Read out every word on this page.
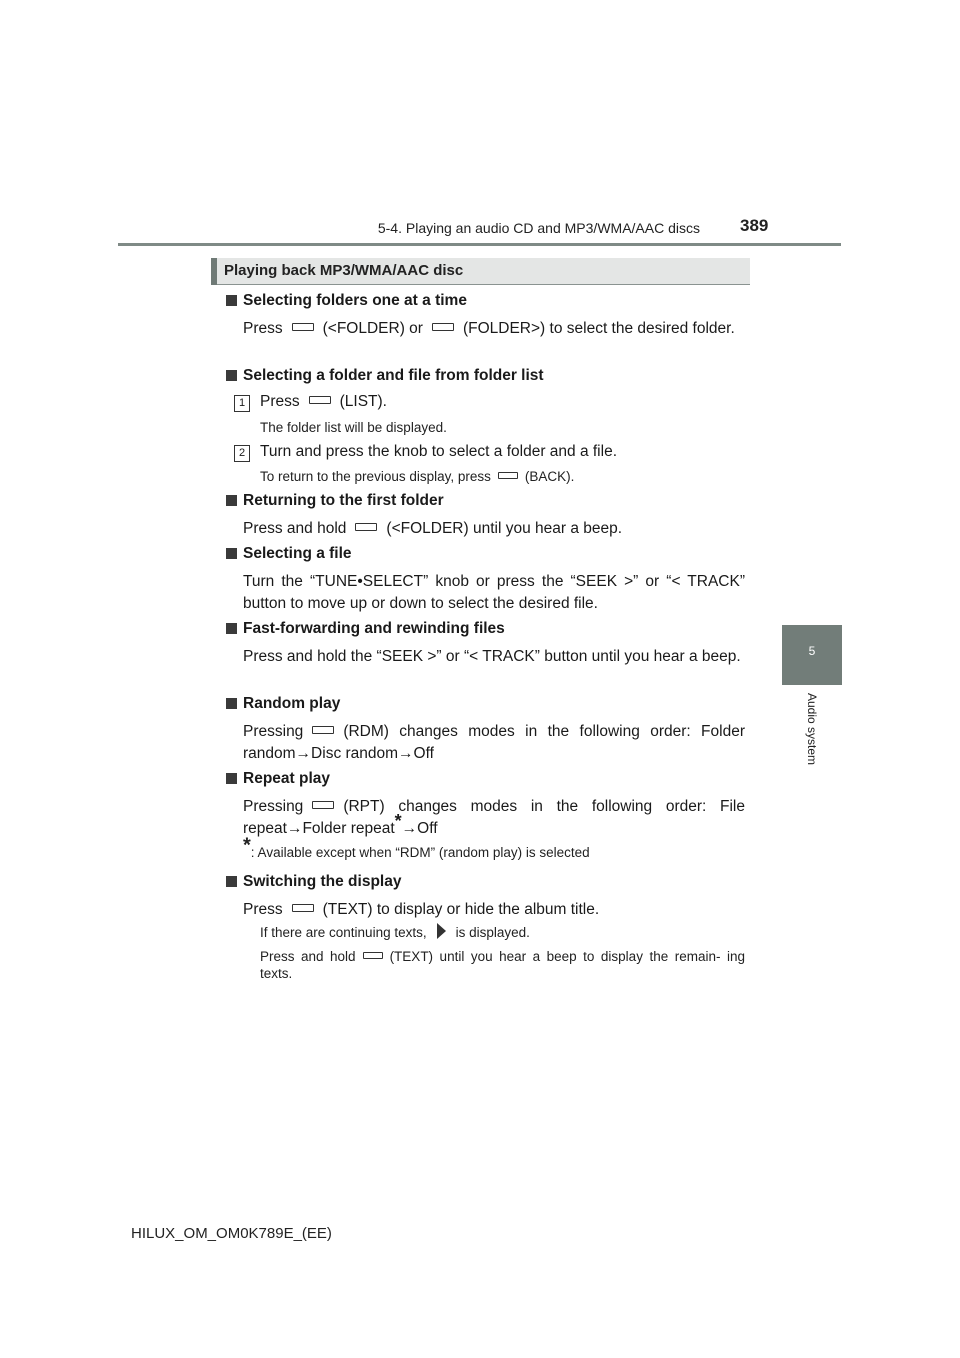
5-4. Playing an audio CD and MP3/WMA/AAC discs 389
5
Audio system
Playing back MP3/WMA/AAC disc
Selecting folders one at a time
Press	(<FOLDER) or	(FOLDER>) to select the desired folder.
Selecting a folder and file from folder list
1 Press	(LIST).
The folder list will be displayed.
2 Turn and press the knob to select a folder and a file.
To return to the previous display, press	(BACK).
Returning to the first folder
Press and hold	(<FOLDER) until you hear a beep.
Selecting a file
Turn the “TUNE•SELECT” knob or press the “SEEK >” or “< TRACK” button to move up or down to select the desired file.
Fast-forwarding and rewinding files
Press and hold the “SEEK >” or “< TRACK” button until you hear a beep.
Random play
Pressing	(RDM) changes modes in the following order: Folder random→Disc random→Off
Repeat play
Pressing	(RPT) changes modes in the following order: File repeat→Folder repeat*→Off
*: Available except when “RDM” (random play) is selected
Switching the display
Press	(TEXT) to display or hide the album title.
If there are continuing texts, is displayed.
Press and hold	(TEXT) until you hear a beep to display the remain- ing texts.
HILUX_OM_OM0K789E_(EE)
